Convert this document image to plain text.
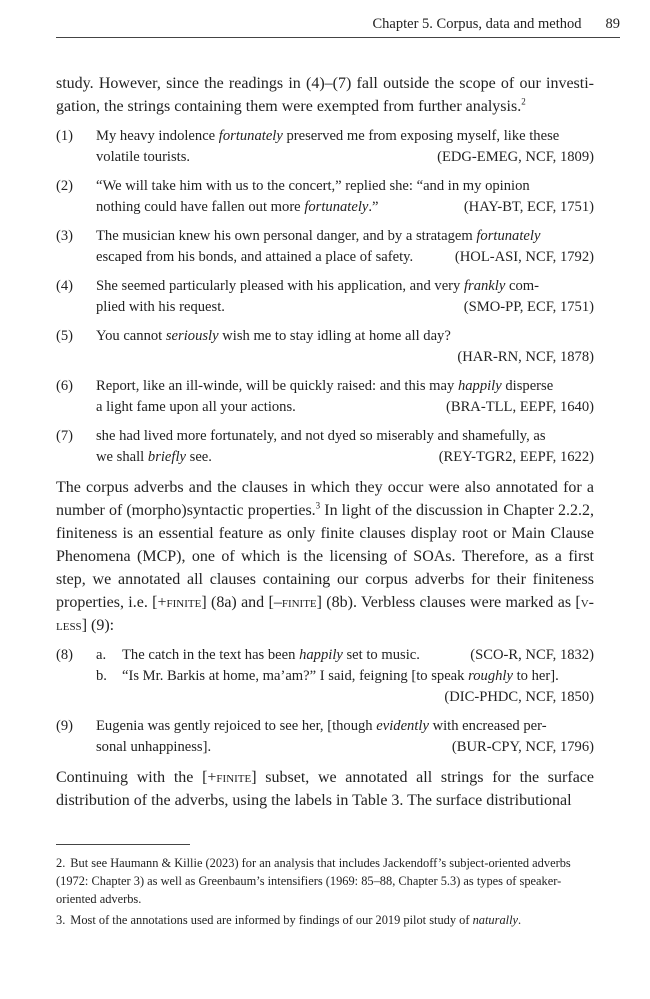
Chapter 5. Corpus, data and method 89

study. However, since the readings in (4)–(7) fall outside the scope of our investi- gation, the strings containing them were exempted from further analysis.$^2$

(1)	My heavy indolence fortunately preserved me from exposing myself, like these
volatile tourists.	(EDG-EMEG, NCF, 1809)
(2)	“We will take him with us to the concert,” replied she: “and in my opinion
nothing could have fallen out more fortunately.”	(HAY-BT, ECF, 1751)
(3)	The musician knew his own personal danger, and by a stratagem fortunately
escaped from his bonds, and attained a place of safety.	(HOL-ASI, NCF, 1792)
(4)	She seemed particularly pleased with his application, and very frankly com-
plied with his request.	(SMO-PP, ECF, 1751)
(5)	You cannot seriously wish me to stay idling at home all day?
(HAR-RN, NCF, 1878)
(6)	Report, like an ill-winde, will be quickly raised: and this may happily disperse
a light fame upon all your actions.	(BRA-TLL, EEPF, 1640)
(7)	she had lived more fortunately, and not dyed so miserably and shamefully, as
we shall briefly see.	(REY-TGR2, EEPF, 1622)

The corpus adverbs and the clauses in which they occur were also annotated for a number of (morpho)syntactic properties.$^3$ In light of the discussion in Chapter 2.2.2, finiteness is an essential feature as only finite clauses display root or Main Clause Phenomena (MCP), one of which is the licensing of SOAs. Therefore, as a first step, we annotated all clauses containing our corpus adverbs for their finiteness properties, i.e. [+finite] (8a) and [–finite] (8b). Verbless clauses were marked as [v-less] (9):

(8)	a.	The catch in the text has been happily set to music.	(SCO-R, NCF, 1832)
b.	“Is Mr. Barkis at home, ma’am?” I said, feigning [to speak roughly to her].
(DIC-PHDC, NCF, 1850)
(9)	Eugenia was gently rejoiced to see her, [though evidently with encreased per-
sonal unhappiness].	(BUR-CPY, NCF, 1796)

Continuing with the [+finite] subset, we annotated all strings for the surface distribution of the adverbs, using the labels in Table 3. The surface distributional

2. But see Haumann & Killie (2023) for an analysis that includes Jackendoff’s subject-oriented adverbs (1972: Chapter 3) as well as Greenbaum’s intensifiers (1969: 85–88, Chapter 5.3) as types of speaker-oriented adverbs.

3. Most of the annotations used are informed by findings of our 2019 pilot study of naturally.
